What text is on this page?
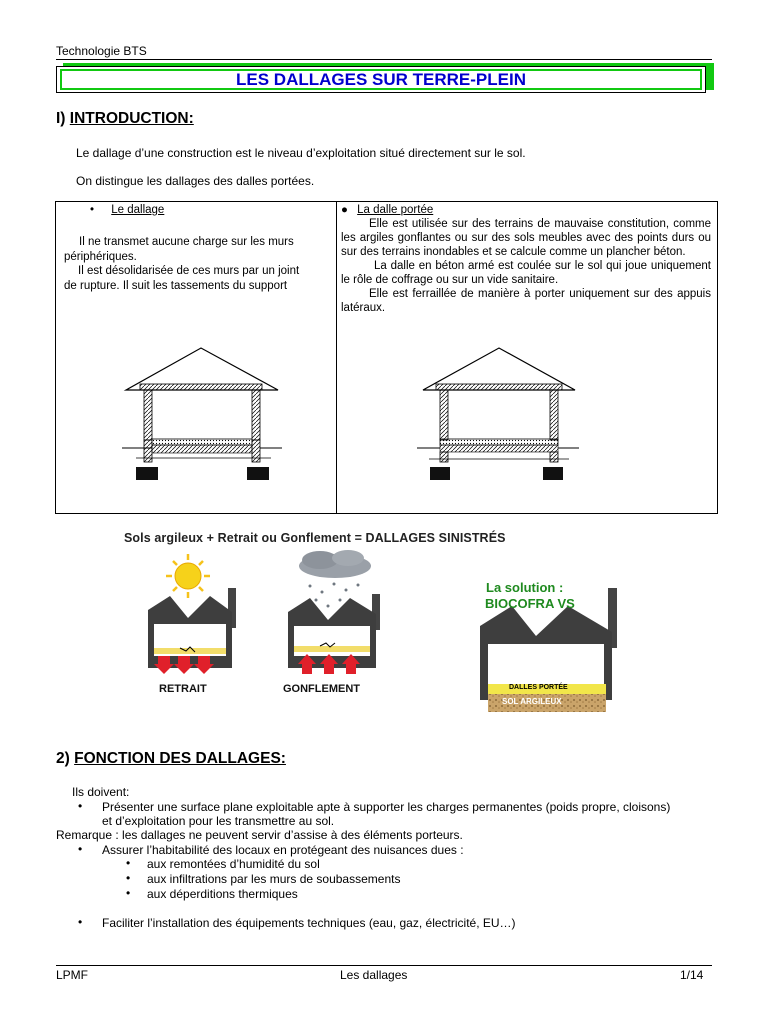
Technologie BTS
LES DALLAGES SUR TERRE-PLEIN
I) INTRODUCTION:
Le dallage d’une construction est le niveau d’exploitation situé directement sur le sol.
On distingue les dallages des dalles portées.
• Le dallage
Il ne transmet aucune charge sur les murs
périphériques.
Il est désolidarisée de ces murs par un joint
de rupture. Il suit les tassements du support

● La dalle portée
Elle est utilisée sur des terrains de mauvaise constitution, comme les argiles gonflantes ou sur des sols meubles avec des points durs ou sur des terrains inondables et se calcule comme un plancher béton.
La dalle en béton armé est coulée sur le sol qui joue uniquement le rôle de coffrage ou sur un vide sanitaire.
Elle est ferraillée de manière à porter uniquement sur des appuis latéraux.
Sols argileux + Retrait ou Gonflement = DALLAGES SINISTRÉS
RETRAIT	GONFLEMENT
La solution :
BIOCOFRA VS
DALLES PORTÉE
SOL ARGILEUX
2) FONCTION DES DALLAGES:
Ils doivent:
• Présenter une surface plane exploitable apte à supporter les charges permanentes (poids propre, cloisons)
et d’exploitation pour les transmettre au sol.
Remarque : les dallages ne peuvent servir d’assise à des éléments porteurs.
• Assurer l’habitabilité des locaux en protégeant des nuisances dues :
• aux remontées d’humidité du sol
• aux infiltrations par les murs de soubassements
• aux déperditions thermiques
• Faciliter l’installation des équipements techniques (eau, gaz, électricité, EU…)
LPMF	Les dallages	1/14
